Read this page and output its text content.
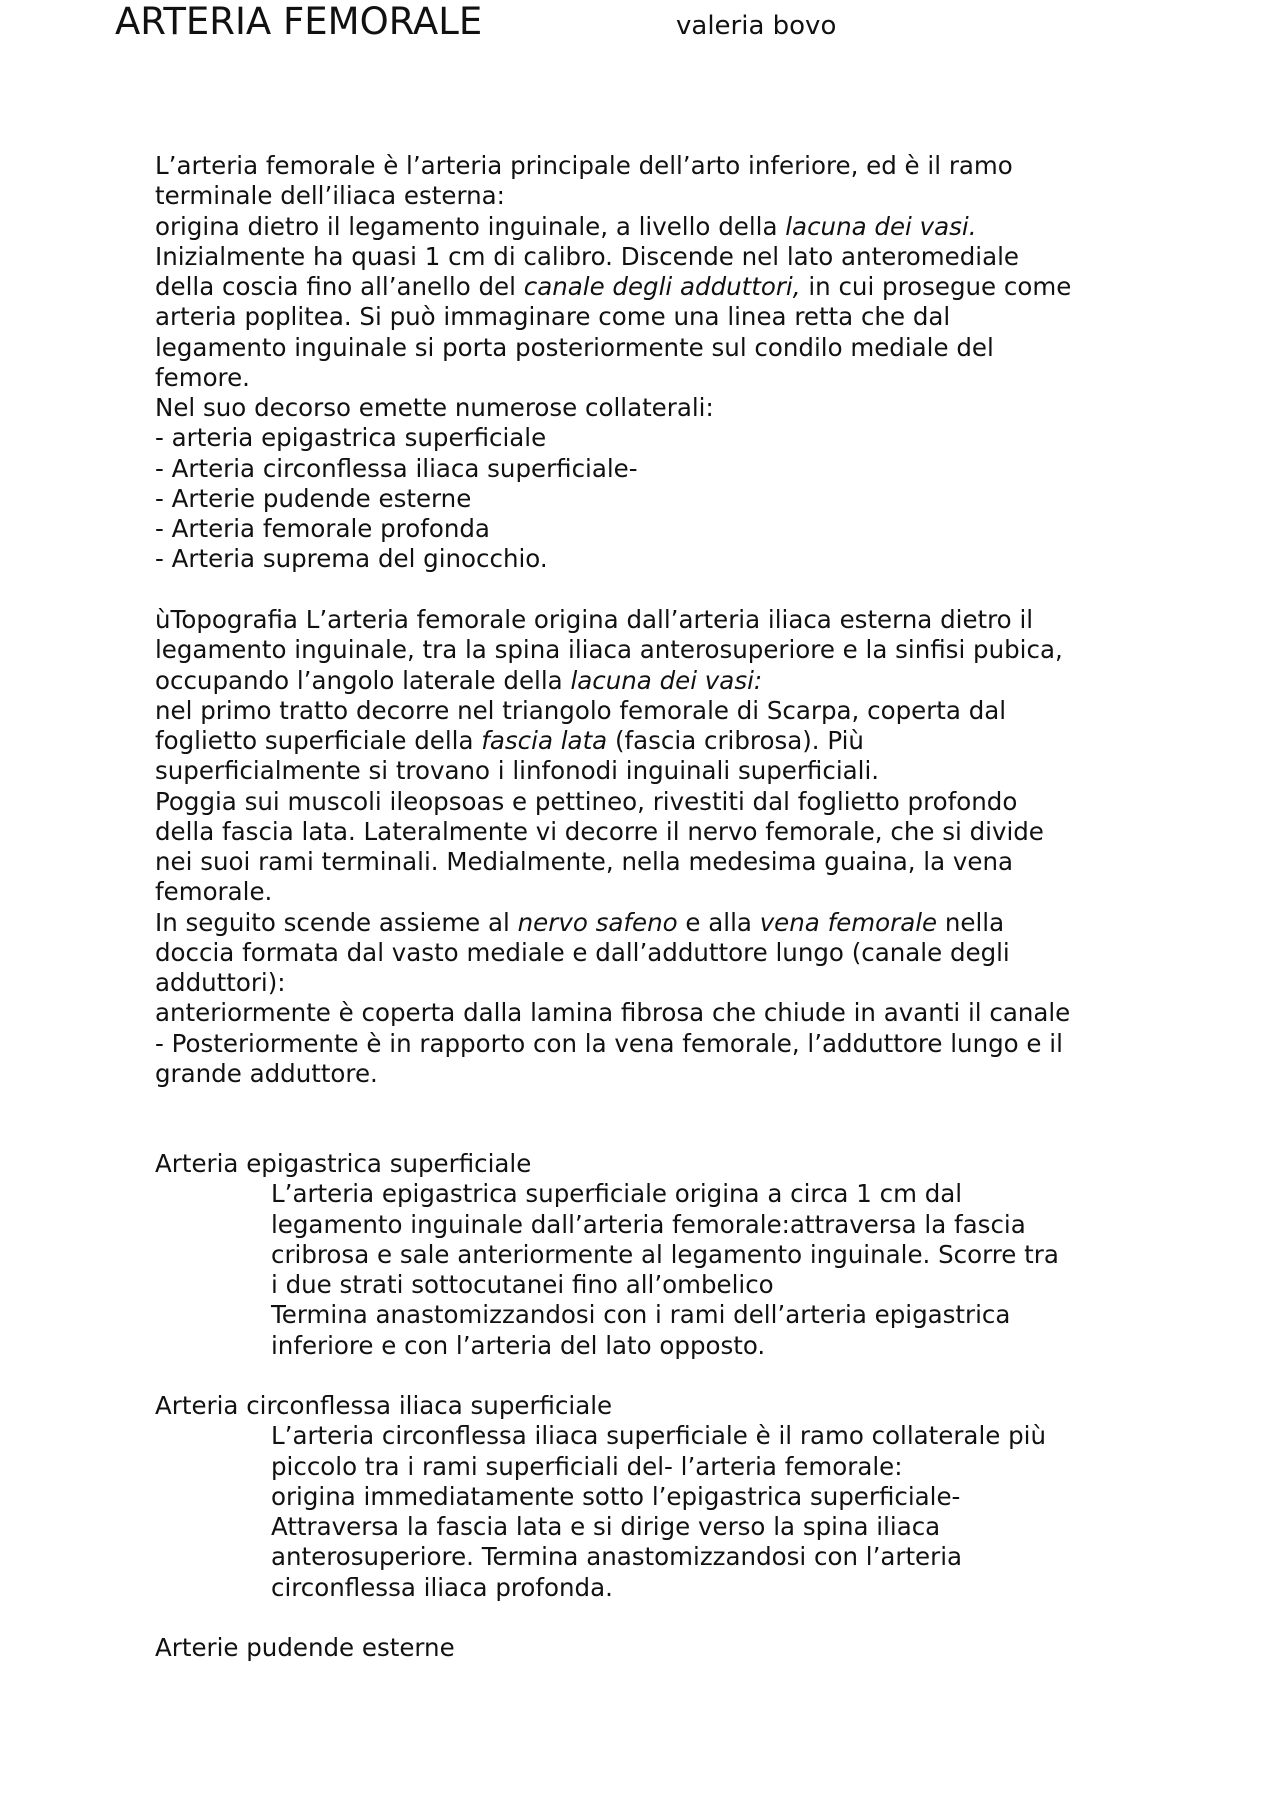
ARTERIA FEMORALE	valeria bovo
L’arteria femorale è l’arteria principale dell’arto inferiore, ed è il ramo
terminale dell’iliaca esterna:
origina dietro il legamento inguinale, a livello della lacuna dei vasi.
Inizialmente ha quasi 1 cm di calibro. Discende nel lato anteromediale
della coscia fino all’anello del canale degli adduttori, in cui prosegue come
arteria poplitea. Si può immaginare come una linea retta che dal
legamento inguinale si porta posteriormente sul condilo mediale del
femore.
Nel suo decorso emette numerose collaterali:
- arteria epigastrica superficiale
- Arteria circonflessa iliaca superficiale-
- Arterie pudende esterne
- Arteria femorale profonda
- Arteria suprema del ginocchio.
ùTopografia L’arteria femorale origina dall’arteria iliaca esterna dietro il
legamento inguinale, tra la spina iliaca anterosuperiore e la sinfisi pubica,
occupando l’angolo laterale della lacuna dei vasi:
nel primo tratto decorre nel triangolo femorale di Scarpa, coperta dal
foglietto superficiale della fascia lata (fascia cribrosa). Più
superficialmente si trovano i linfonodi inguinali superficiali.
Poggia sui muscoli ileopsoas e pettineo, rivestiti dal foglietto profondo
della fascia lata. Lateralmente vi decorre il nervo femorale, che si divide
nei suoi rami terminali. Medialmente, nella medesima guaina, la vena
femorale.
In seguito scende assieme al nervo safeno e alla vena femorale nella
doccia formata dal vasto mediale e dall’adduttore lungo (canale degli
adduttori):
anteriormente è coperta dalla lamina fibrosa che chiude in avanti il canale
- Posteriormente è in rapporto con la vena femorale, l’adduttore lungo e il
grande adduttore.
Arteria epigastrica superficiale
L’arteria epigastrica superficiale origina a circa 1 cm dal
legamento inguinale dall’arteria femorale:attraversa la fascia
cribrosa e sale anteriormente al legamento inguinale. Scorre tra
i due strati sottocutanei fino all’ombelico
Termina anastomizzandosi con i rami dell’arteria epigastrica
inferiore e con l’arteria del lato opposto.
Arteria circonflessa iliaca superficiale
L’arteria circonflessa iliaca superficiale è il ramo collaterale più
piccolo tra i rami superficiali del- l’arteria femorale:
origina immediatamente sotto l’epigastrica superficiale-
Attraversa la fascia lata e si dirige verso la spina iliaca
anterosuperiore. Termina anastomizzandosi con l’arteria
circonflessa iliaca profonda.
Arterie pudende esterne
